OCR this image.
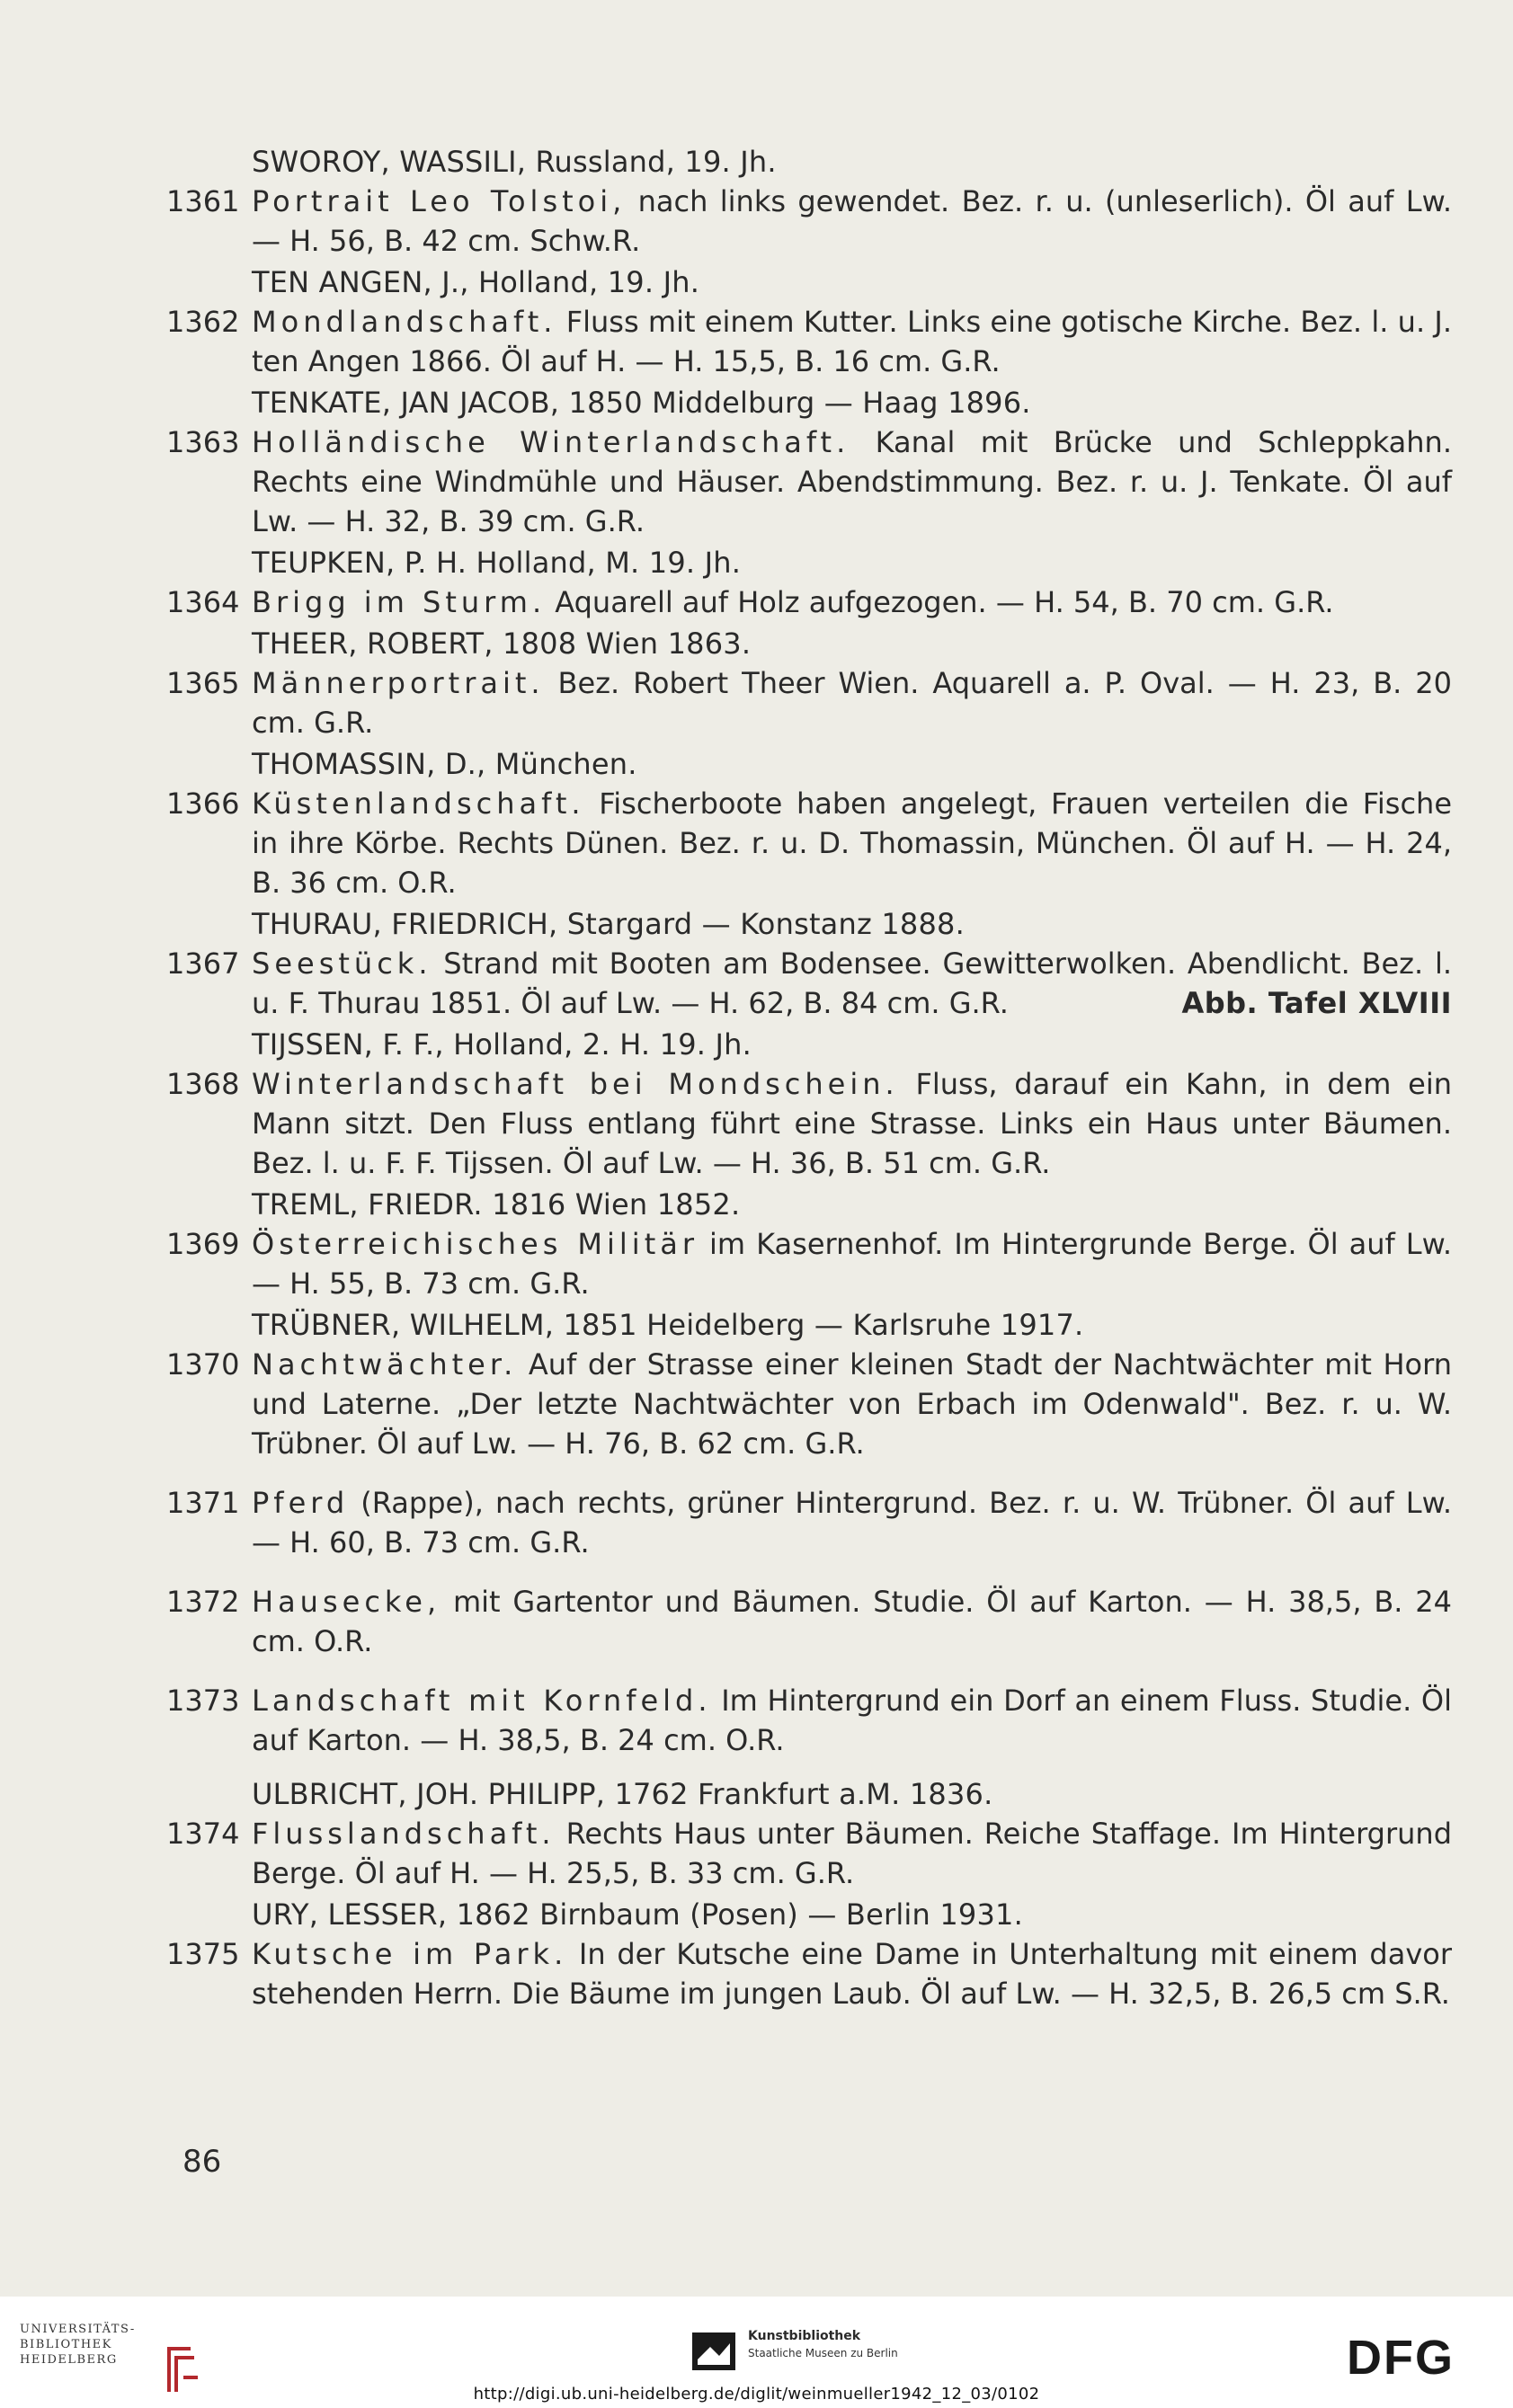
SWOROY, WASSILI, Russland, 19. Jh.
1361 Portrait Leo Tolstoi, nach links gewendet. Bez. r. u. (unleserlich). Öl auf Lw. — H. 56, B. 42 cm. Schw.R.
TEN ANGEN, J., Holland, 19. Jh.
1362 Mondlandschaft. Fluss mit einem Kutter. Links eine gotische Kirche. Bez. l. u. J. ten Angen 1866. Öl auf H. — H. 15,5, B. 16 cm. G.R.
TENKATE, JAN JACOB, 1850 Middelburg — Haag 1896.
1363 Holländische Winterlandschaft. Kanal mit Brücke und Schleppkahn. Rechts eine Windmühle und Häuser. Abendstimmung. Bez. r. u. J. Tenkate. Öl auf Lw. — H. 32, B. 39 cm. G.R.
TEUPKEN, P. H. Holland, M. 19. Jh.
1364 Brigg im Sturm. Aquarell auf Holz aufgezogen. — H. 54, B. 70 cm. G.R.
THEER, ROBERT, 1808 Wien 1863.
1365 Männerportrait. Bez. Robert Theer Wien. Aquarell a. P. Oval. — H. 23, B. 20 cm. G.R.
THOMASSIN, D., München.
1366 Küstenlandschaft. Fischerboote haben angelegt, Frauen verteilen die Fische in ihre Körbe. Rechts Dünen. Bez. r. u. D. Thomassin, München. Öl auf H. — H. 24, B. 36 cm. O.R.
THURAU, FRIEDRICH, Stargard — Konstanz 1888.
1367 Seestück. Strand mit Booten am Bodensee. Gewitterwolken. Abendlicht. Bez. l. u. F. Thurau 1851. Öl auf Lw. — H. 62, B. 84 cm. G.R.	Abb. Tafel XLVIII
TIJSSEN, F. F., Holland, 2. H. 19. Jh.
1368 Winterlandschaft bei Mondschein. Fluss, darauf ein Kahn, in dem ein Mann sitzt. Den Fluss entlang führt eine Strasse. Links ein Haus unter Bäumen. Bez. l. u. F. F. Tijssen. Öl auf Lw. — H. 36, B. 51 cm. G.R.
TREML, FRIEDR. 1816 Wien 1852.
1369 Österreichisches Militär im Kasernenhof. Im Hintergrunde Berge. Öl auf Lw. — H. 55, B. 73 cm. G.R.
TRÜBNER, WILHELM, 1851 Heidelberg — Karlsruhe 1917.
1370 Nachtwächter. Auf der Strasse einer kleinen Stadt der Nachtwächter mit Horn und Laterne. „Der letzte Nachtwächter von Erbach im Odenwald". Bez. r. u. W. Trübner. Öl auf Lw. — H. 76, B. 62 cm. G.R.
1371 Pferd (Rappe), nach rechts, grüner Hintergrund. Bez. r. u. W. Trübner. Öl auf Lw. — H. 60, B. 73 cm. G.R.
1372 Hausecke, mit Gartentor und Bäumen. Studie. Öl auf Karton. — H. 38,5, B. 24 cm. O.R.
1373 Landschaft mit Kornfeld. Im Hintergrund ein Dorf an einem Fluss. Studie. Öl auf Karton. — H. 38,5, B. 24 cm. O.R.
ULBRICHT, JOH. PHILIPP, 1762 Frankfurt a.M. 1836.
1374 Flusslandschaft. Rechts Haus unter Bäumen. Reiche Staffage. Im Hintergrund Berge. Öl auf H. — H. 25,5, B. 33 cm. G.R.
URY, LESSER, 1862 Birnbaum (Posen) — Berlin 1931.
1375 Kutsche im Park. In der Kutsche eine Dame in Unterhaltung mit einem davor stehenden Herrn. Die Bäume im jungen Laub. Öl auf Lw. — H. 32,5, B. 26,5 cm S.R.
86
UNIVERSITÄTS-
BIBLIOTHEK
HEIDELBERG
Kunstbibliothek
Staatliche Museen zu Berlin	DFG
http://digi.ub.uni-heidelberg.de/diglit/weinmueller1942_12_03/0102
